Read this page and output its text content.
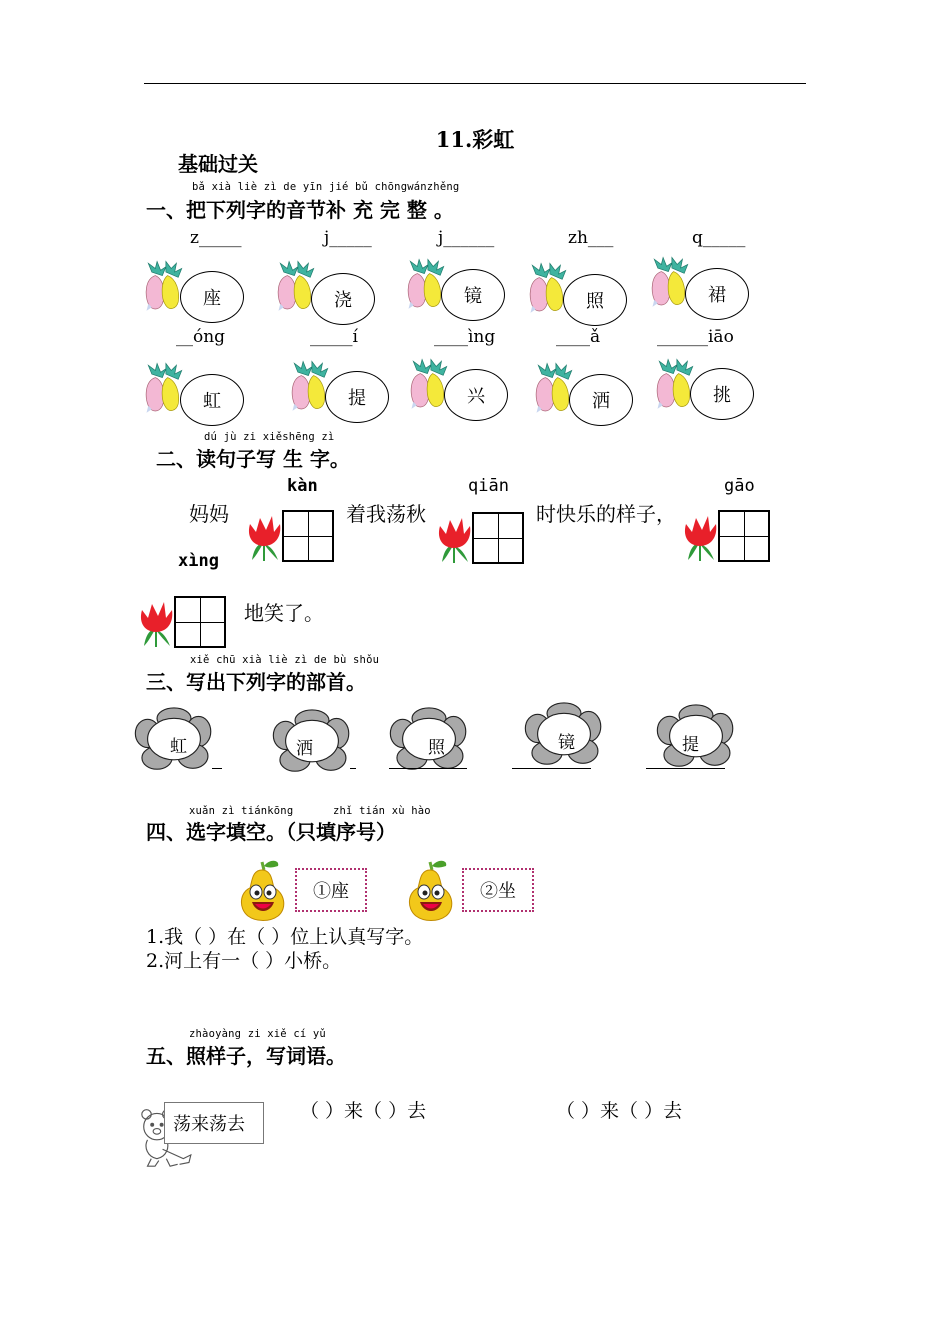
11.彩虹
基础过关
bǎ xià liè zì de yīn jié bǔ chōngwánzhěng
一、把下列字的音节补 充 完 整 。
z_____
座
j_____
浇
j______
镜
zh___
照
q_____
裙
__óng
虹
_____í
提
____ìng
兴
____ǎ
洒
______iāo
挑
dú jù zi xiěshēng zì
二、读句子写 生 字。
妈妈
kàn
着我荡秋
qiān
时快乐的样子，
gāo
xìng
地笑了。
xiě chū xià liè zì de bù shǒu
三、写出下列字的部首。
虹	洒	照	镜	提
xuǎn zì tiánkōng	zhǐ tián xù hào
四、选字填空。（只填序号）
①座	②坐
1.我（ ）在（ ）位上认真写字。
2.河上有一（ ）小桥。
zhàoyàng zi xiě cí yǔ
五、照样子，写词语。
荡来荡去
（ ）来（ ）去	（ ）来（ ）去
